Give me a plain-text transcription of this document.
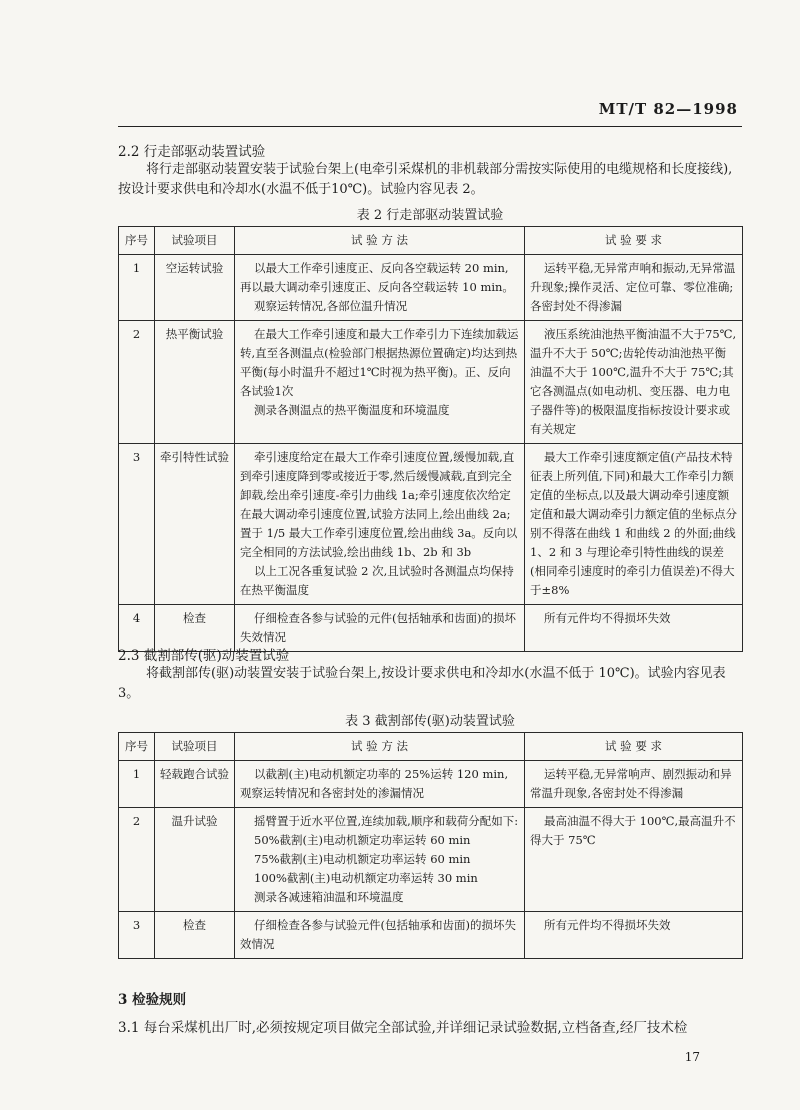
MT/T 82—1998
2.2 行走部驱动装置试验

将行走部驱动装置安装于试验台架上(电牵引采煤机的非机载部分需按实际使用的电缆规格和长度接线),按设计要求供电和冷却水(水温不低于10℃)。试验内容见表 2。

表 2 行走部驱动装置试验
序号	试验项目	试 验 方 法	试 验 要 求
1	空运转试验	以最大工作牵引速度正、反向各空载运转 20 min,再以最大调动牵引速度正、反向各空载运转 10 min。

观察运转情况,各部位温升情况	运转平稳,无异常声响和振动,无异常温升现象;操作灵活、定位可靠、零位准确;各密封处不得渗漏

2	热平衡试验	在最大工作牵引速度和最大工作牵引力下连续加载运转,直至各测温点(检验部门根据热源位置确定)均达到热平衡(每小时温升不超过1℃时视为热平衡)。正、反向各试验1次

测录各测温点的热平衡温度和环境温度	液压系统油池热平衡油温不大于75℃,温升不大于 50℃;齿轮传动油池热平衡油温不大于 100℃,温升不大于 75℃;其它各测温点(如电动机、变压器、电力电子器件等)的极限温度指标按设计要求或有关规定

3	牵引特性试验	牵引速度给定在最大工作牵引速度位置,缓慢加载,直到牵引速度降到零或接近于零,然后缓慢减载,直到完全卸载,绘出牵引速度-牵引力曲线 1a;牵引速度依次给定在最大调动牵引速度位置,试验方法同上,绘出曲线 2a;置于 1/5 最大工作牵引速度位置,绘出曲线 3a。反向以完全相同的方法试验,绘出曲线 1b、2b 和 3b

以上工况各重复试验 2 次,且试验时各测温点均保持在热平衡温度	最大工作牵引速度额定值(产品技术特征表上所列值,下同)和最大工作牵引力额定值的坐标点,以及最大调动牵引速度额定值和最大调动牵引力额定值的坐标点分别不得落在曲线 1 和曲线 2 的外面;曲线 1、2 和 3 与理论牵引特性曲线的误差(相同牵引速度时的牵引力值误差)不得大于±8%

4	检查	仔细检查各参与试验的元件(包括轴承和齿面)的损坏失效情况	所有元件均不得损坏失效

2.3 截割部传(驱)动装置试验

将截割部传(驱)动装置安装于试验台架上,按设计要求供电和冷却水(水温不低于 10℃)。试验内容见表 3。

表 3 截割部传(驱)动装置试验
序号	试验项目	试 验 方 法	试 验 要 求
1	轻载跑合试验	以截割(主)电动机额定功率的 25%运转 120 min,观察运转情况和各密封处的渗漏情况	运转平稳,无异常响声、剧烈振动和异常温升现象,各密封处不得渗漏

2	温升试验	摇臂置于近水平位置,连续加载,顺序和载荷分配如下:

50%截割(主)电动机额定功率运转 60 min

75%截割(主)电动机额定功率运转 60 min

100%截割(主)电动机额定功率运转 30 min

测录各减速箱油温和环境温度	最高油温不得大于 100℃,最高温升不得大于 75℃

3	检查	仔细检查各参与试验元件(包括轴承和齿面)的损坏失效情况	所有元件均不得损坏失效

3 检验规则
3.1 每台采煤机出厂时,必须按规定项目做完全部试验,并详细记录试验数据,立档备查,经厂技术检
17
